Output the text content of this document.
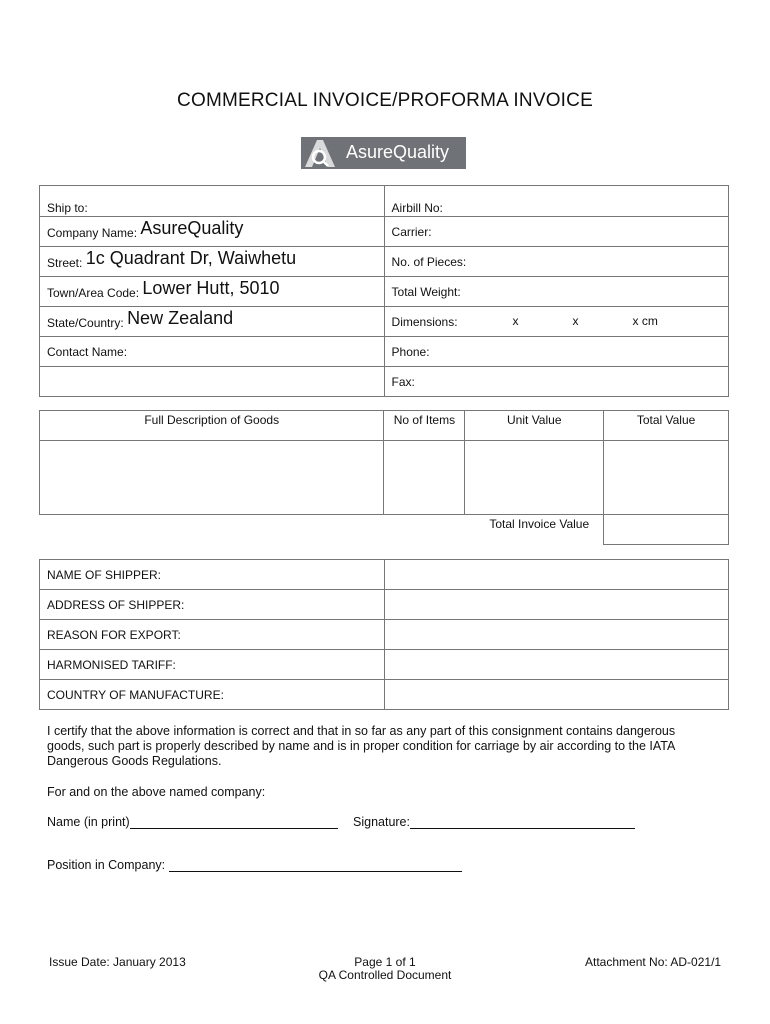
COMMERCIAL INVOICE/PROFORMA INVOICE
AsureQuality
Ship to:	Airbill No:
Company Name: AsureQuality	Carrier:
Street: 1c Quadrant Dr, Waiwhetu	No. of Pieces:
Town/Area Code: Lower Hutt, 5010	Total Weight:
State/Country: New Zealand	Dimensions: x x x cm

Contact Name:	Phone:
	Fax:
Full Description of Goods	No of Items	Unit Value	Total Value

Total Invoice Value			
NAME OF SHIPPER:	
ADDRESS OF SHIPPER:	
REASON FOR EXPORT:	
HARMONISED TARIFF:	
COUNTRY OF MANUFACTURE:	
I certify that the above information is correct and that in so far as any part of this consignment contains dangerous
goods, such part is properly described by name and is in proper condition for carriage by air according to the IATA
Dangerous Goods Regulations.
For and on the above named company:
Name (in print)	Signature:
Position in Company:
Issue Date: January 2013	Page 1 of 1
QA Controlled Document
Attachment No: AD-021/1
